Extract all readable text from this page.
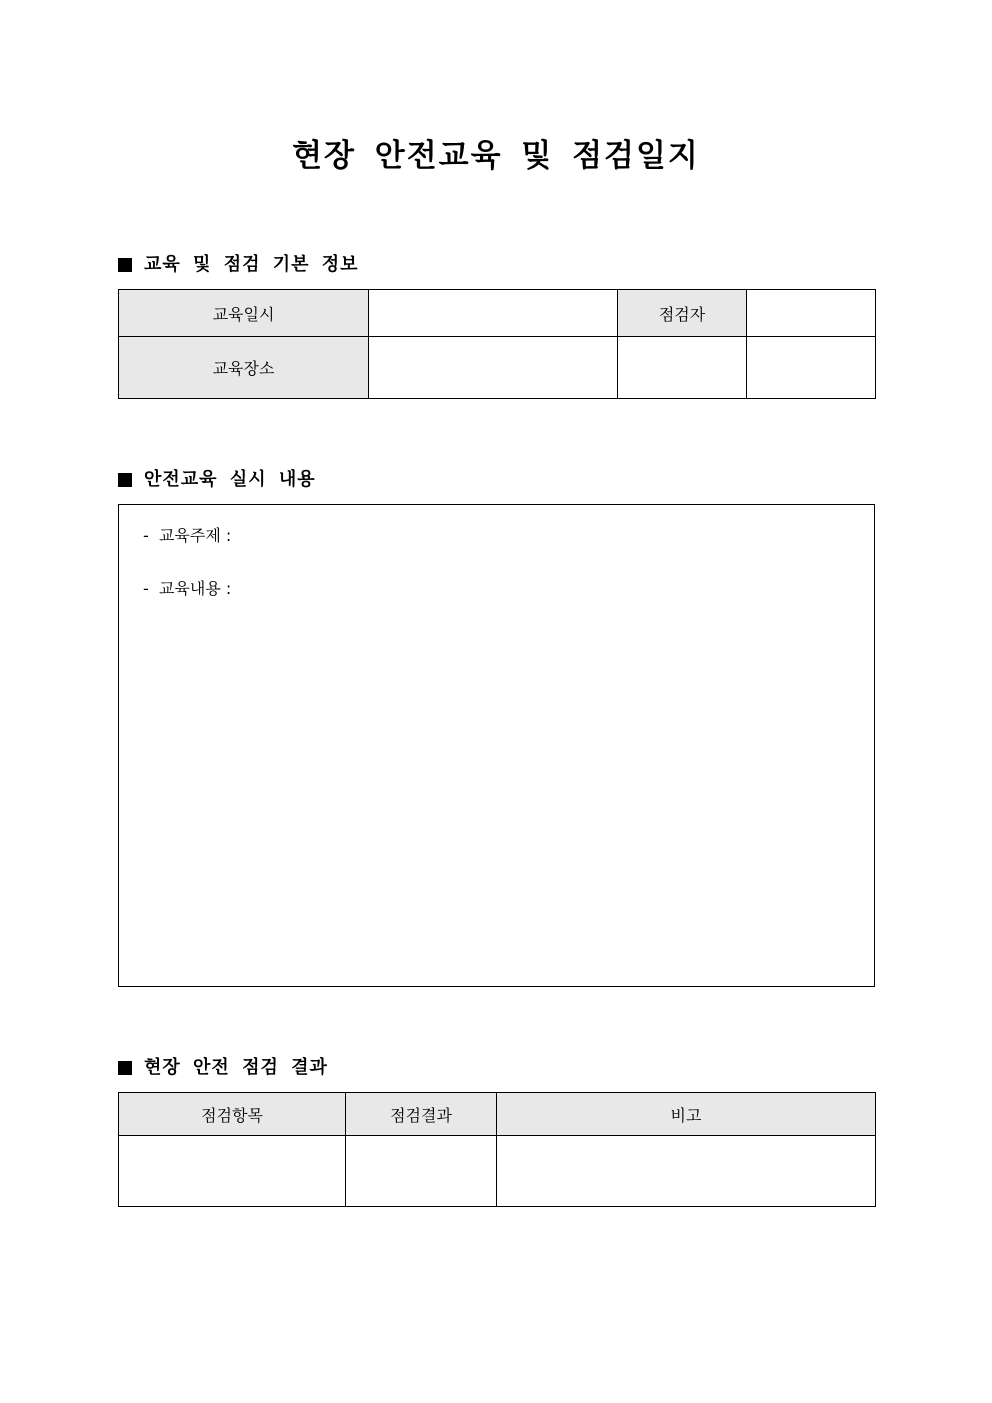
현장 안전교육 및 점검일지
교육 및 점검 기본 정보
교육일시		점검자	
교육장소			
안전교육 실시 내용
-  교육주제 :
-  교육내용 :
현장 안전 점검 결과
점검항목	점검결과	비고
